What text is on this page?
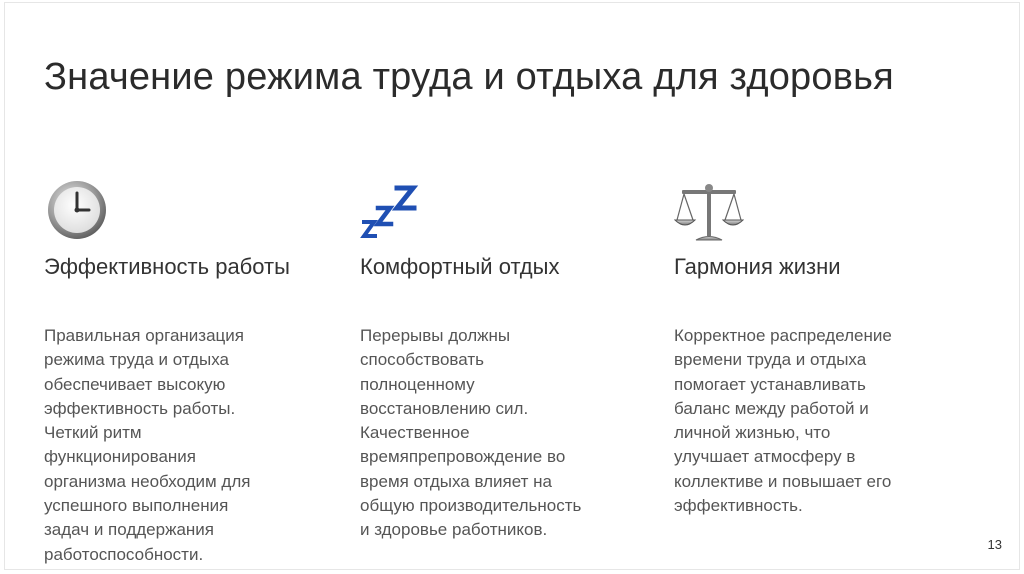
Значение режима труда и отдыха для здоровья
Эффективность работы
Правильная организация
режима труда и отдыха
обеспечивает высокую
эффективность работы.
Четкий ритм
функционирования
организма необходим для
успешного выполнения
задач и поддержания
работоспособности.
Комфортный отдых
Перерывы должны
способствовать
полноценному
восстановлению сил.
Качественное
времяпрепровождение во
время отдыха влияет на
общую производительность
и здоровье работников.
Гармония жизни
Корректное распределение
времени труда и отдыха
помогает устанавливать
баланс между работой и
личной жизнью, что
улучшает атмосферу в
коллективе и повышает его
эффективность.
13
